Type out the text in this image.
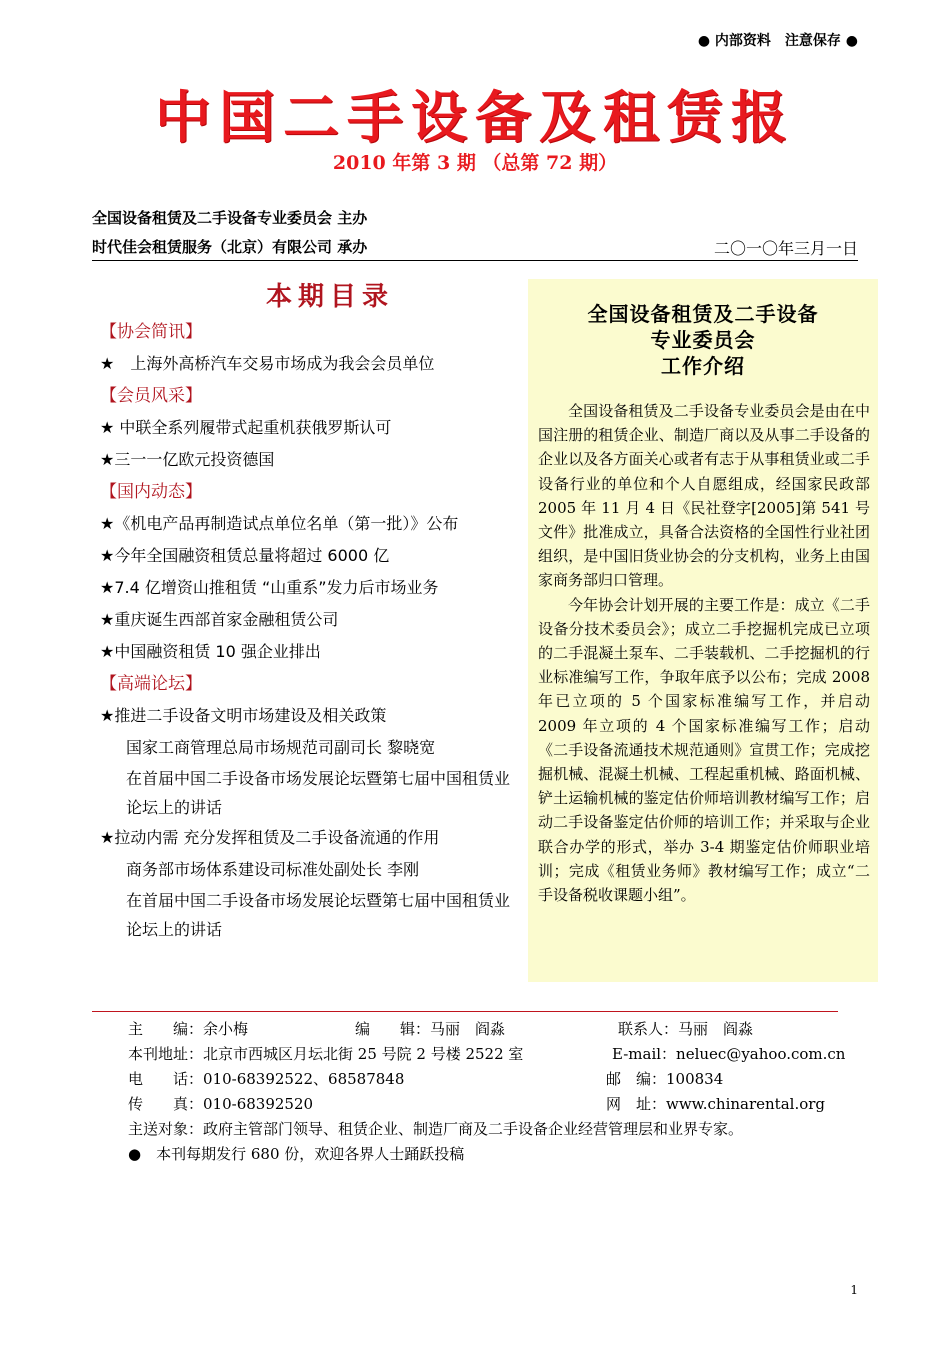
● 内部资料　注意保存 ●
中国二手设备及租赁报
2010 年第 3 期 （总第 72 期）
全国设备租赁及二手设备专业委员会 主办
时代佳会租赁服务（北京）有限公司 承办	二〇一〇年三月一日
本期目录
【协会简讯】
★　上海外高桥汽车交易市场成为我会会员单位
【会员风采】
★ 中联全系列履带式起重机获俄罗斯认可
★三一一亿欧元投资德国
【国内动态】
★《机电产品再制造试点单位名单（第一批）》公布
★今年全国融资租赁总量将超过 6000 亿
★7.4 亿增资山推租赁 “山重系”发力后市场业务
★重庆诞生西部首家金融租赁公司
★中国融资租赁 10 强企业排出
【高端论坛】
★推进二手设备文明市场建设及相关政策
国家工商管理总局市场规范司副司长 黎晓宽
在首届中国二手设备市场发展论坛暨第七届中国租赁业论坛上的讲话
★拉动内需 充分发挥租赁及二手设备流通的作用
商务部市场体系建设司标准处副处长 李刚
在首届中国二手设备市场发展论坛暨第七届中国租赁业论坛上的讲话
全国设备租赁及二手设备
专业委员会
工作介绍

全国设备租赁及二手设备专业委员会是由在中国注册的租赁企业、制造厂商以及从事二手设备的企业以及各方面关心或者有志于从事租赁业或二手设备行业的单位和个人自愿组成，经国家民政部 2005 年 11 月 4 日《民社登字[2005]第 541 号文件》批准成立，具备合法资格的全国性行业社团组织，是中国旧货业协会的分支机构，业务上由国家商务部归口管理。

今年协会计划开展的主要工作是：成立《二手设备分技术委员会》；成立二手挖掘机完成已立项的二手混凝土泵车、二手装载机、二手挖掘机的行业标准编写工作，争取年底予以公布；完成 2008 年已立项的 5 个国家标准编写工作，并启动 2009 年立项的 4 个国家标准编写工作；启动《二手设备流通技术规范通则》宣贯工作；完成挖掘机械、混凝土机械、工程起重机械、路面机械、铲土运输机械的鉴定估价师培训教材编写工作；启动二手设备鉴定估价师的培训工作；并采取与企业联合办学的形式，举办 3-4 期鉴定估价师职业培训；完成《租赁业务师》教材编写工作；成立“二手设备税收课题小组”。

主　　编：余小梅	编　　辑：马丽　阎淼	联系人：马丽　阎淼
本刊地址：北京市西城区月坛北街 25 号院 2 号楼 2522 室	E-mail：neluec@yahoo.com.cn
电　　话：010-68392522、68587848	邮　编：100834
传　　真：010-68392520	网　址：www.chinarental.org
主送对象：政府主管部门领导、租赁企业、制造厂商及二手设备企业经营管理层和业界专家。
●　本刊每期发行 680 份，欢迎各界人士踊跃投稿
1
